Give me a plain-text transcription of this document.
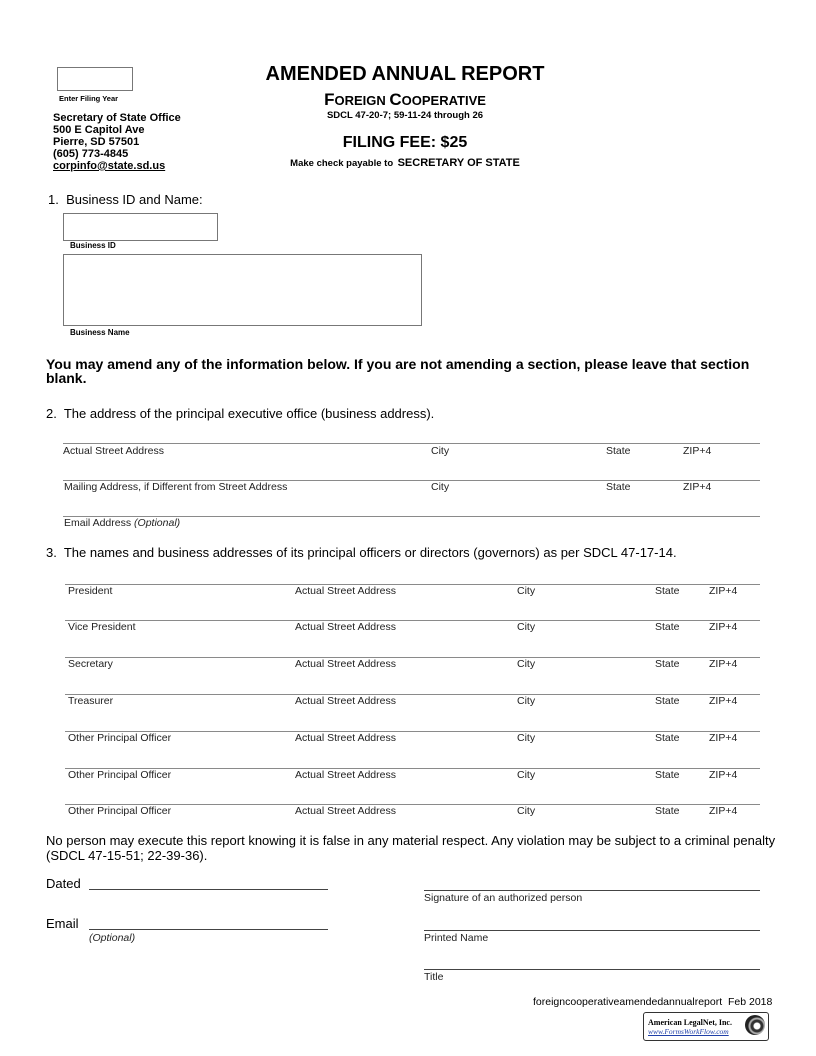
Enter Filing Year
Secretary of State Office
500 E Capitol Ave
Pierre, SD 57501
(605) 773-4845
corpinfo@state.sd.us
AMENDED ANNUAL REPORT
FOREIGN COOPERATIVE
SDCL 47-20-7; 59-11-24 through 26
FILING FEE: $25
Make check payable to SECRETARY OF STATE
1.  Business ID and Name:
Business ID
Business Name
You may amend any of the information below. If you are not amending a section, please leave that section blank.
2.  The address of the principal executive office (business address).
Actual Street Address	City	State	ZIP+4
Mailing Address, if Different from Street Address	City	State	ZIP+4
Email Address (Optional)
3.  The names and business addresses of its principal officers or directors (governors) as per SDCL 47-17-14.
President	Actual Street Address	City	State	ZIP+4
Vice President	Actual Street Address	City	State	ZIP+4
Secretary	Actual Street Address	City	State	ZIP+4
Treasurer	Actual Street Address	City	State	ZIP+4
Other Principal Officer	Actual Street Address	City	State	ZIP+4
Other Principal Officer	Actual Street Address	City	State	ZIP+4
Other Principal Officer	Actual Street Address	City	State	ZIP+4
No person may execute this report knowing it is false in any material respect. Any violation may be subject to a criminal penalty (SDCL 47-15-51; 22-39-36).
Dated
Email
(Optional)
Signature of an authorized person
Printed Name
Title
foreigncooperativeamendedannualreport  Feb 2018
American LegalNet, Inc.
www.FormsWorkFlow.com
